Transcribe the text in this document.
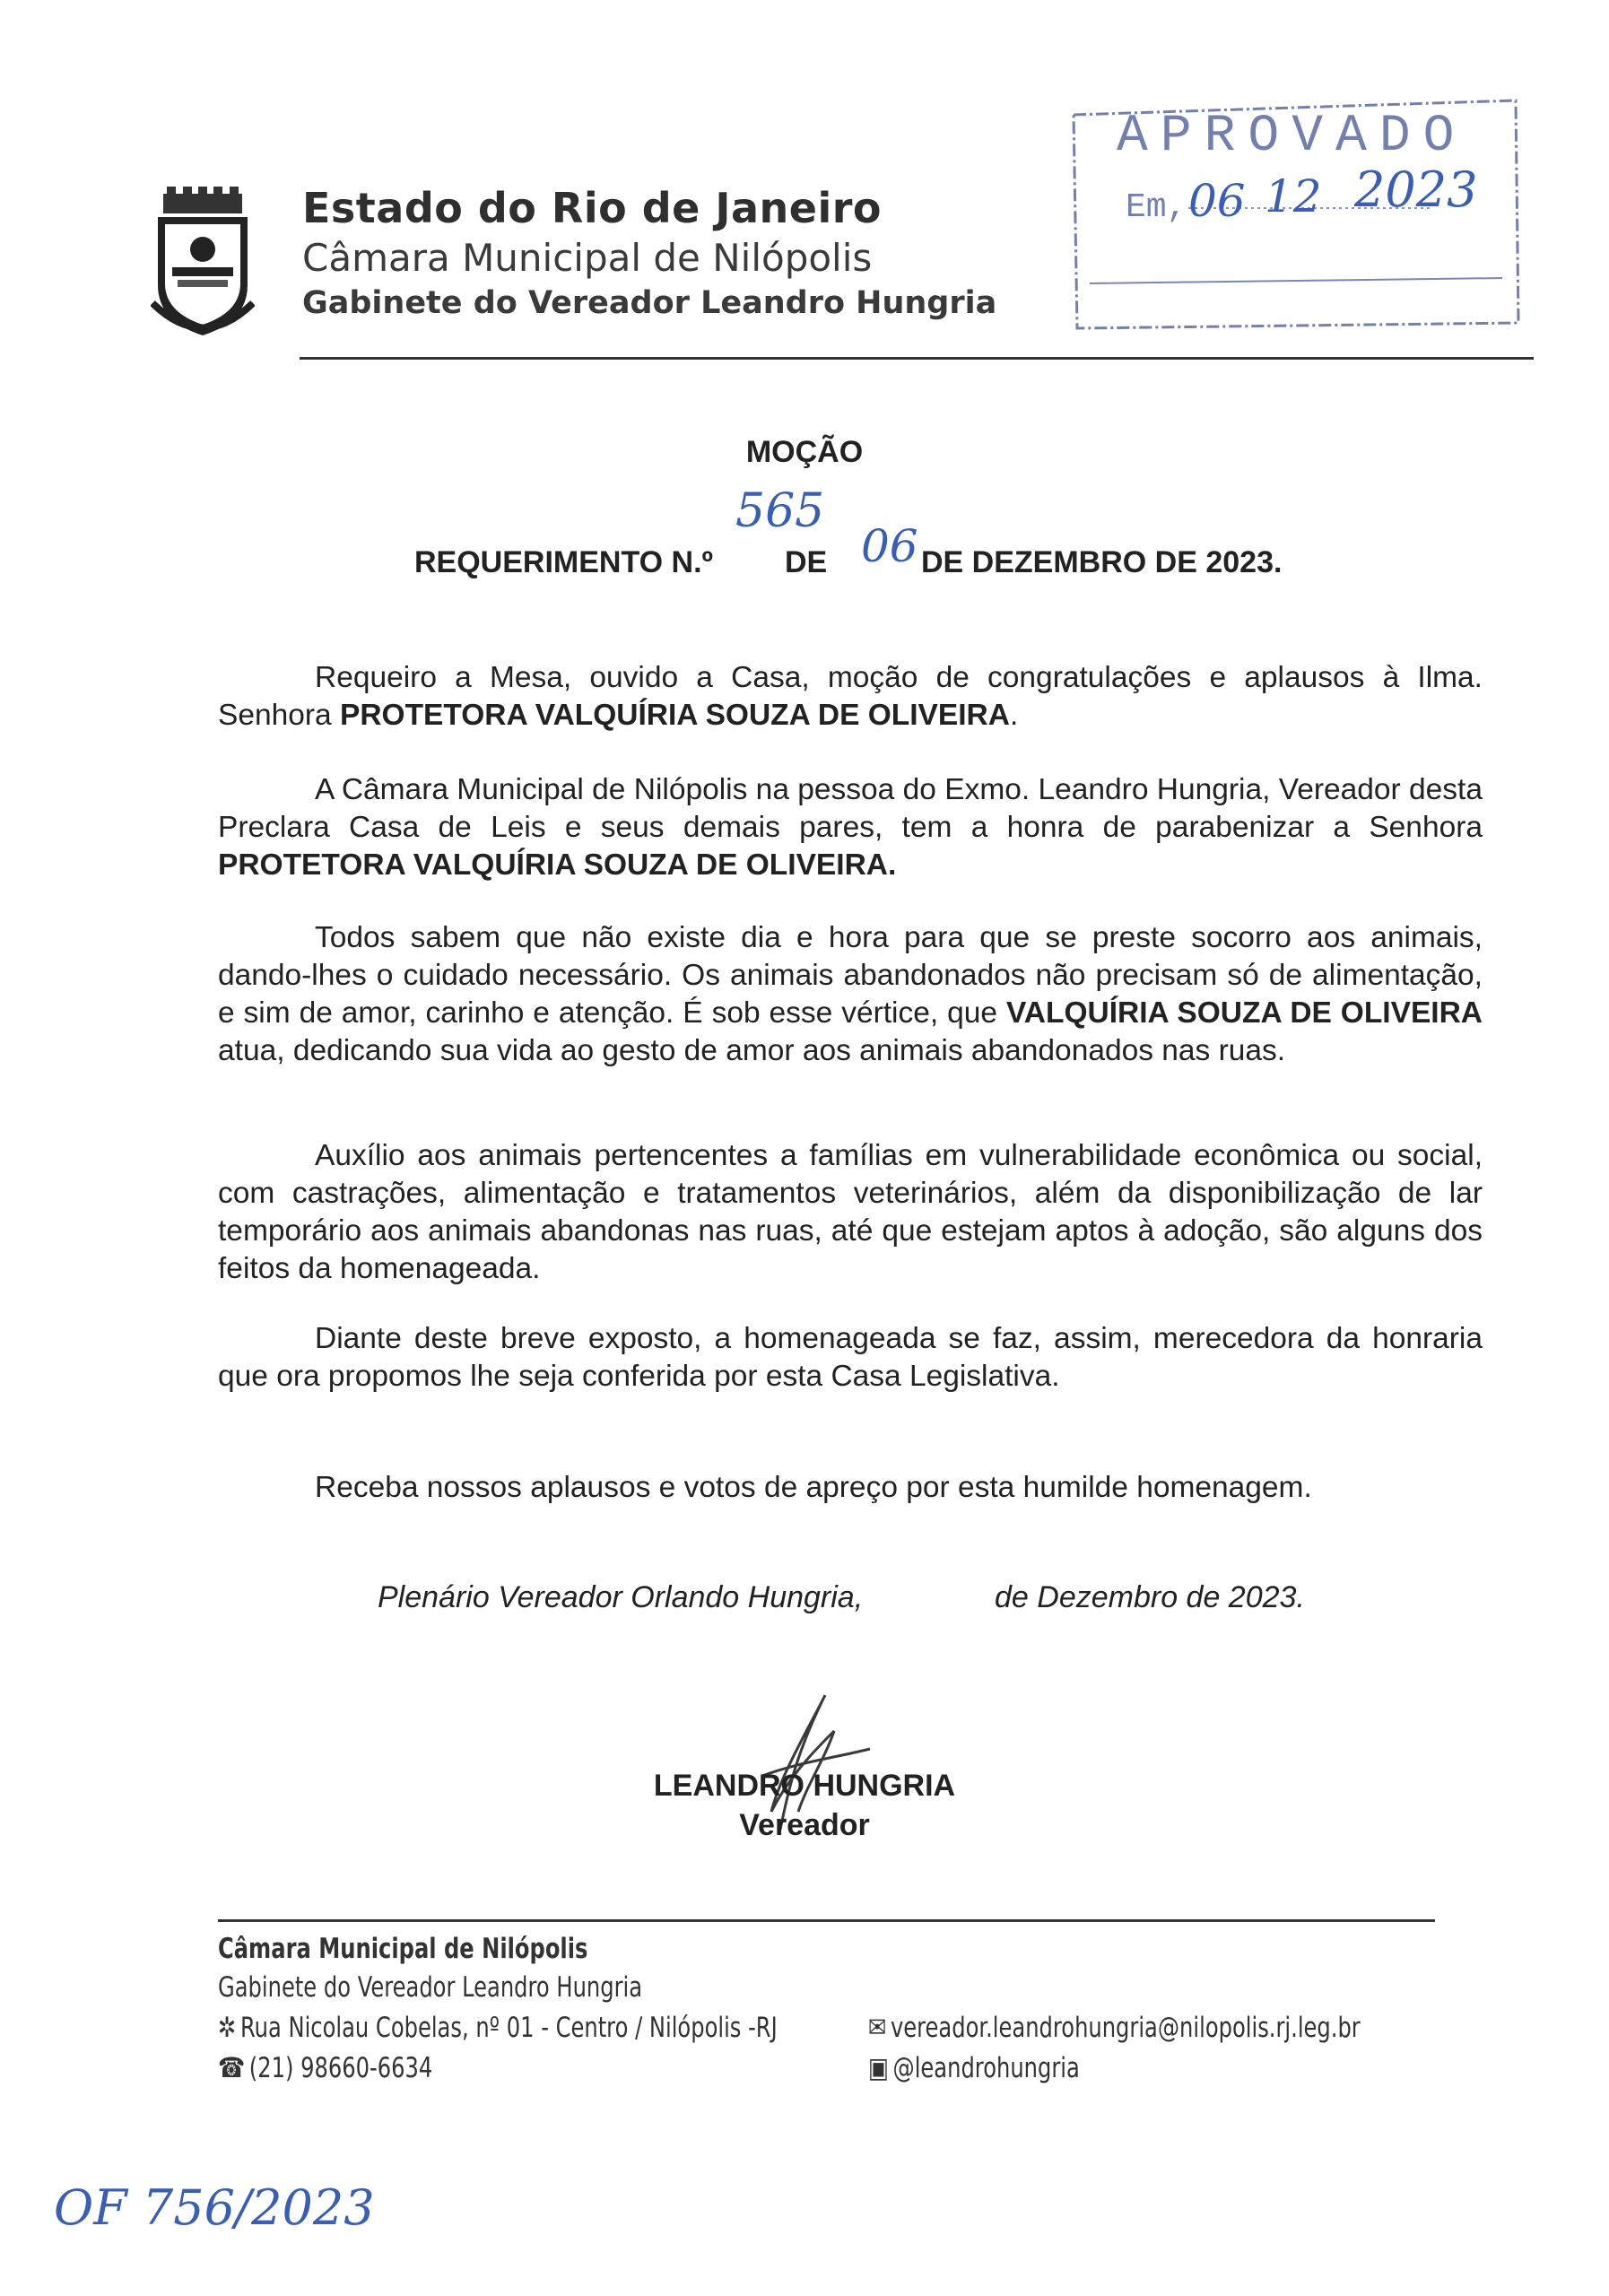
Estado do Rio de Janeiro
Câmara Municipal de Nilópolis
Gabinete do Vereador Leandro Hungria
APROVADO
Em, 06 12 2023
MOÇÃO
565
REQUERIMENTO N.º DE	DE DEZEMBRO DE 2023.
06

Requeiro a Mesa, ouvido a Casa, moção de congratulações e aplausos à Ilma. Senhora PROTETORA VALQUÍRIA SOUZA DE OLIVEIRA.

A Câmara Municipal de Nilópolis na pessoa do Exmo. Leandro Hungria, Vereador desta Preclara Casa de Leis e seus demais pares, tem a honra de parabenizar a Senhora PROTETORA VALQUÍRIA SOUZA DE OLIVEIRA.

Todos sabem que não existe dia e hora para que se preste socorro aos animais, dando-lhes o cuidado necessário. Os animais abandonados não precisam só de alimentação, e sim de amor, carinho e atenção. É sob esse vértice, que VALQUÍRIA SOUZA DE OLIVEIRA atua, dedicando sua vida ao gesto de amor aos animais abandonados nas ruas.

Auxílio aos animais pertencentes a famílias em vulnerabilidade econômica ou social, com castrações, alimentação e tratamentos veterinários, além da disponibilização de lar temporário aos animais abandonas nas ruas, até que estejam aptos à adoção, são alguns dos feitos da homenageada.

Diante deste breve exposto, a homenageada se faz, assim, merecedora da honraria que ora propomos lhe seja conferida por esta Casa Legislativa.

Receba nossos aplausos e votos de apreço por esta humilde homenagem.

Plenário Vereador Orlando Hungria,	de Dezembro de 2023.
LEANDRO HUNGRIA
Vereador
Câmara Municipal de Nilópolis
Gabinete do Vereador Leandro Hungria
✲ Rua Nicolau Cobelas, nº 01 - Centro / Nilópolis -RJ
☎ (21) 98660-6634
✉ vereador.leandrohungria@nilopolis.rj.leg.br
▣ @leandrohungria
OF 756/2023
